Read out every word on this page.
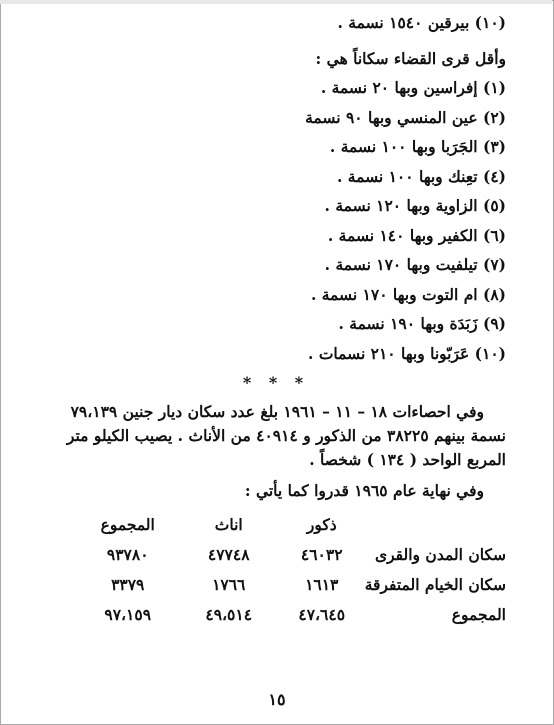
(١٠) بيرقين ١٥٤٠ نسمة .
وأقل قرى القضاء سكاناً هي :
(١) إفراسين وبها ٢٠ نسمة .
(٢) عين المنسي وبها ٩٠ نسمة
(٣) الجَرَبا وبها ١٠٠ نسمة .
(٤) تعِنك وبها ١٠٠ نسمة .
(٥) الزاوية وبها ١٢٠ نسمة .
(٦) الكفير وبها ١٤٠ نسمة .
(٧) تيلفيت وبها ١٧٠ نسمة .
(٨) ام التوت وبها ١٧٠ نسمة .
(٩) زَبَدَة وبها ١٩٠ نسمة .
(١٠) عَرَبّونا وبها ٢١٠ نسمات .
* * *
وفي احصاءات ١٨ – ١١ – ١٩٦١ بلغ عدد سكان ديار جنين ٧٩،١٣٩
نسمة بينهم ٣٨٢٢٥ من الذكور و ٤٠٩١٤ من الأناث . يصيب الكيلو متر
المربع الواحد ( ١٣٤ ) شخصاً .
وفي نهاية عام ١٩٦٥ قدروا كما يأتي :
	ذكور	اناث	المجموع
سكان المدن والقرى	٤٦٠٣٢	٤٧٧٤٨	٩٣٧٨٠
سكان الخيام المتفرقة	١٦١٣	١٧٦٦	٣٣٧٩
المجموع	٤٧،٦٤٥	٤٩،٥١٤	٩٧،١٥٩
١٥
